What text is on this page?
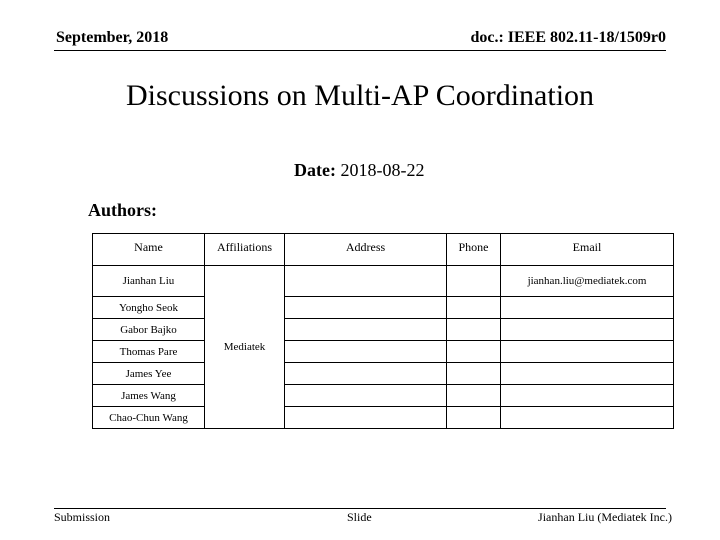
September, 2018	doc.: IEEE 802.11-18/1509r0
Discussions on Multi-AP Coordination
Date: 2018-08-22
Authors:
Name	Affiliations	Address	Phone	Email
Jianhan Liu	Mediatek			jianhan.liu@mediatek.com
Yongho Seok				
Gabor Bajko				
Thomas Pare				
James Yee				
James Wang				
Chao-Chun Wang				
Submission	Slide	Jianhan Liu (Mediatek Inc.)
